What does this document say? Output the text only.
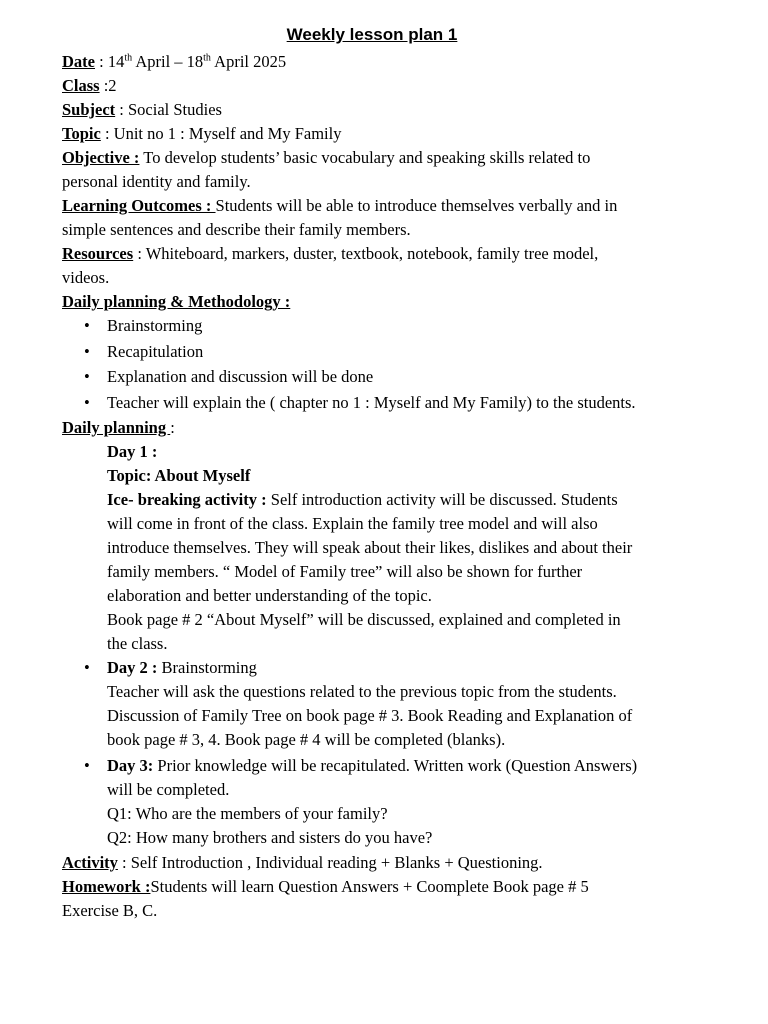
Weekly lesson plan 1

Date : 14th April – 18th April 2025

Class :2

Subject : Social Studies

Topic : Unit no 1 : Myself and My Family

Objective : To develop students’ basic vocabulary and speaking skills related to

personal identity and family.

Learning Outcomes : Students will be able to introduce themselves verbally and in

simple sentences and describe their family members.

Resources : Whiteboard, markers, duster, textbook, notebook, family tree model,

videos.

Daily planning & Methodology :

• Brainstorming
• Recapitulation
• Explanation and discussion will be done
• Teacher will explain the ( chapter no 1 : Myself and My Family) to the students.

Daily planning :

Day 1 :

Topic: About Myself

Ice- breaking activity : Self introduction activity will be discussed. Students

will come in front of the class. Explain the family tree model and will also

introduce themselves. They will speak about their likes, dislikes and about their

family members. “ Model of Family tree” will also be shown for further

elaboration and better understanding of the topic.

Book page # 2 “About Myself” will be discussed, explained and completed in

the class.

• Day 2 : Brainstorming

Teacher will ask the questions related to the previous topic from the students.

Discussion of Family Tree on book page # 3. Book Reading and Explanation of

book page # 3, 4. Book page # 4 will be completed (blanks).

• Day 3: Prior knowledge will be recapitulated. Written work (Question Answers)

will be completed.

Q1: Who are the members of your family?

Q2: How many brothers and sisters do you have?

Activity : Self Introduction , Individual reading + Blanks + Questioning.

Homework :Students will learn Question Answers + Coomplete Book page # 5

Exercise B, C.
